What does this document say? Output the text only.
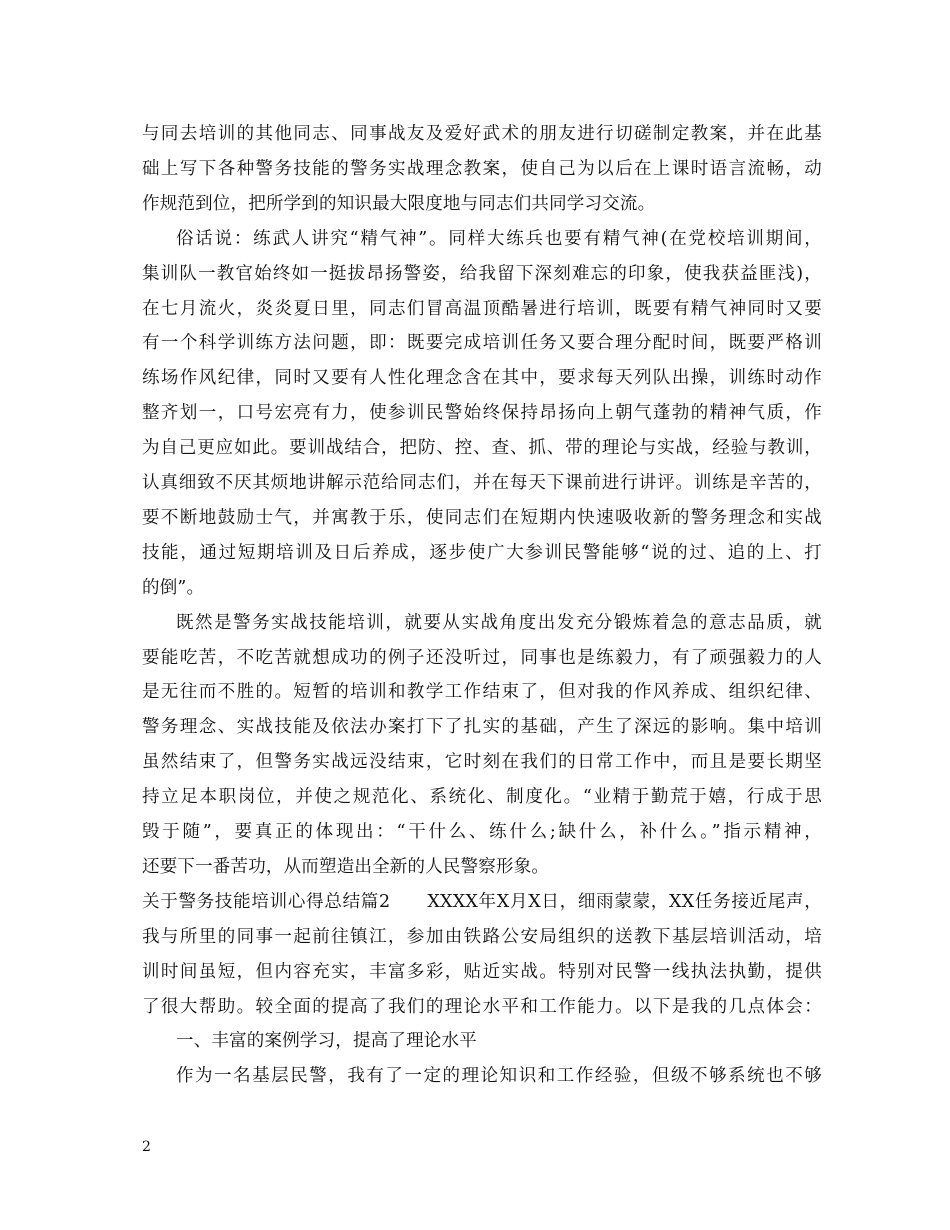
与同去培训的其他同志、同事战友及爱好武术的朋友进行切磋制定教案，并在此基
础上写下各种警务技能的警务实战理念教案，使自己为以后在上课时语言流畅，动
作规范到位，把所学到的知识最大限度地与同志们共同学习交流。
俗话说：练武人讲究“精气神”。同样大练兵也要有精气神(在党校培训期间，
集训队一教官始终如一挺拔昂扬警姿，给我留下深刻难忘的印象，使我获益匪浅)，
在七月流火，炎炎夏日里，同志们冒高温顶酷暑进行培训，既要有精气神同时又要
有一个科学训练方法问题，即：既要完成培训任务又要合理分配时间，既要严格训
练场作风纪律，同时又要有人性化理念含在其中，要求每天列队出操，训练时动作
整齐划一，口号宏亮有力，使参训民警始终保持昂扬向上朝气蓬勃的精神气质，作
为自己更应如此。要训战结合，把防、控、查、抓、带的理论与实战，经验与教训，
认真细致不厌其烦地讲解示范给同志们，并在每天下课前进行讲评。训练是辛苦的，
要不断地鼓励士气，并寓教于乐，使同志们在短期内快速吸收新的警务理念和实战
技能，通过短期培训及日后养成，逐步使广大参训民警能够“说的过、追的上、打
的倒”。
既然是警务实战技能培训，就要从实战角度出发充分锻炼着急的意志品质，就
要能吃苦，不吃苦就想成功的例子还没听过，同事也是练毅力，有了顽强毅力的人
是无往而不胜的。短暂的培训和教学工作结束了，但对我的作风养成、组织纪律、
警务理念、实战技能及依法办案打下了扎实的基础，产生了深远的影响。集中培训
虽然结束了，但警务实战远没结束，它时刻在我们的日常工作中，而且是要长期坚
持立足本职岗位，并使之规范化、系统化、制度化。“业精于勤荒于嬉，行成于思
毁于随”，要真正的体现出：“干什么、练什么;缺什么，补什么。”指示精神，
还要下一番苦功，从而塑造出全新的人民警察形象。
关于警务技能培训心得总结篇2　　XXXX年X月X日，细雨蒙蒙，XX任务接近尾声，
我与所里的同事一起前往镇江，参加由铁路公安局组织的送教下基层培训活动，培
训时间虽短，但内容充实，丰富多彩，贴近实战。特别对民警一线执法执勤，提供
了很大帮助。较全面的提高了我们的理论水平和工作能力。以下是我的几点体会：
一、丰富的案例学习，提高了理论水平
作为一名基层民警，我有了一定的理论知识和工作经验，但级不够系统也不够
2
